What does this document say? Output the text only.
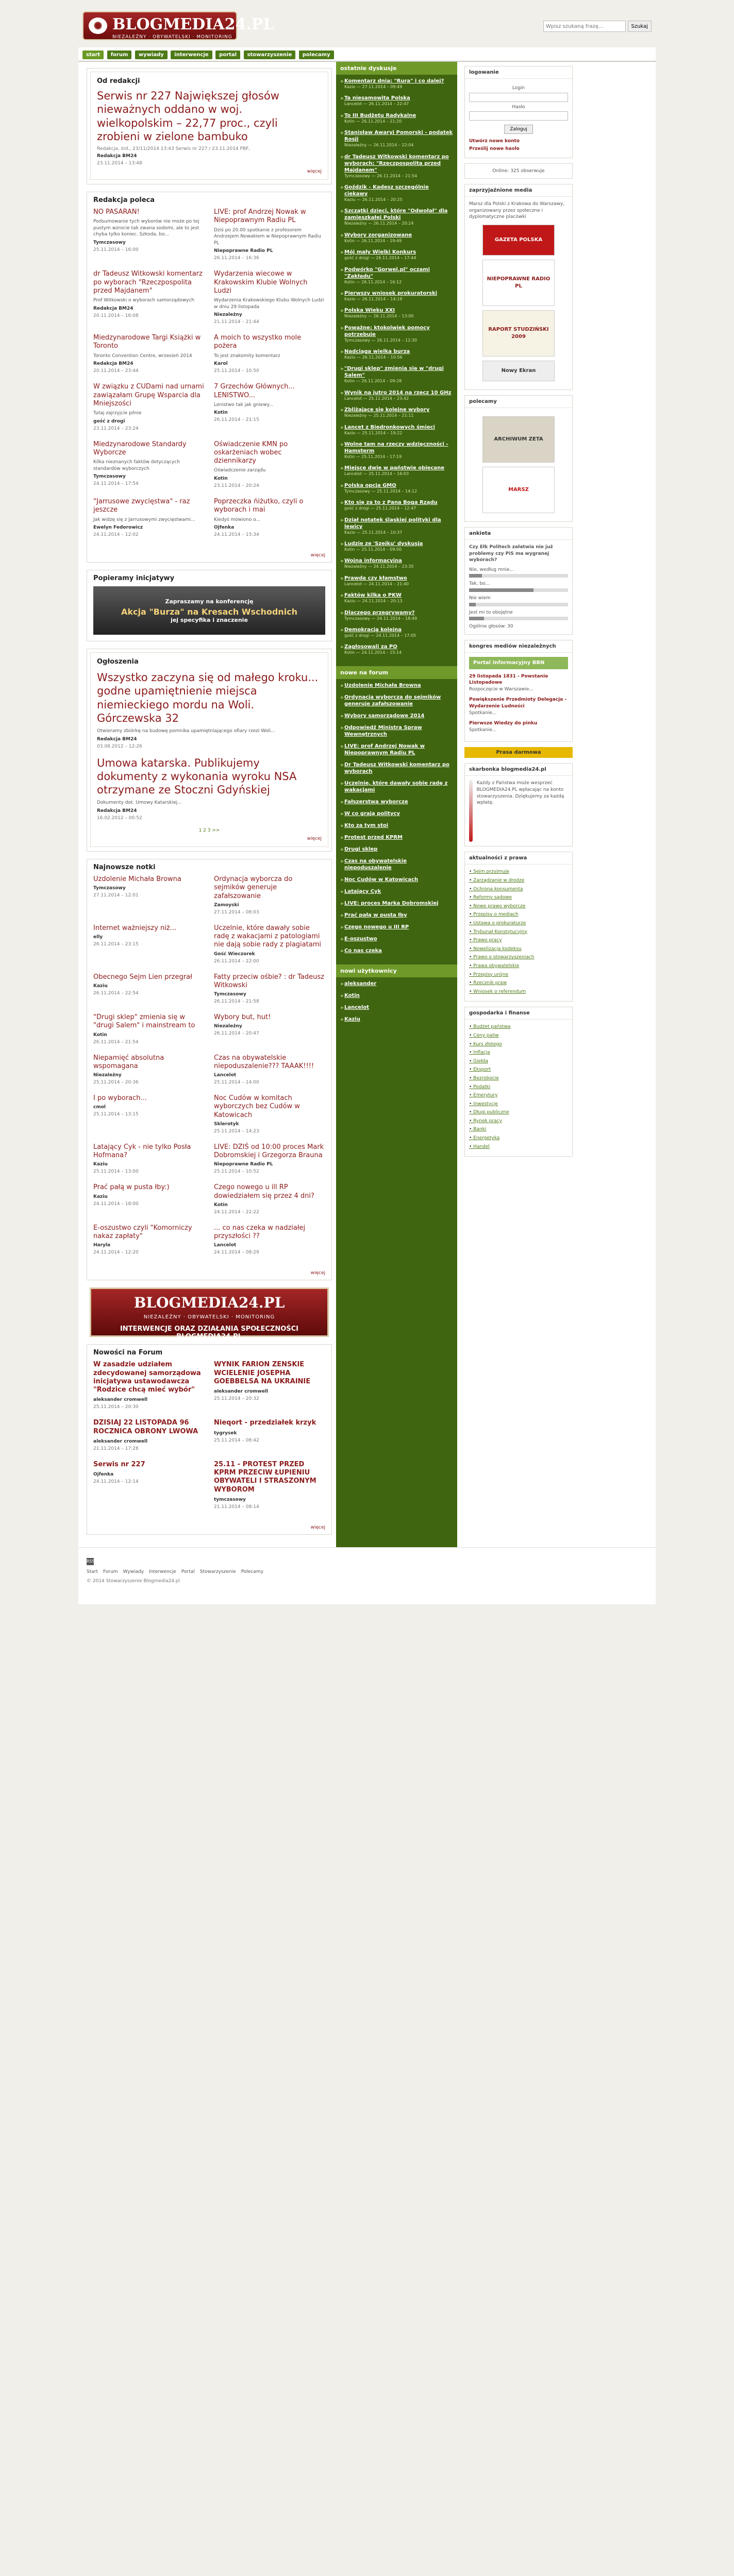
✺ BLOGMEDIA24.PL
NIEZALEŻNY · OBYWATELSKI · MONITORING
Wpisz szukaną frazę... Szukaj
start forum wywiady interwencje portal stowarzyszenie polecamy
Od redakcji
Serwis nr 227 Największej głosów nieważnych oddano w woj. wielkopolskim – 22,77 proc., czyli zrobieni w zielone bambuko
Redakcja, śrd., 23/11/2014 13:43 Serwis nr 227 / 23.11.2014 PBF,
Redakcja BM24
23.11.2014 – 13:48
więcej
Redakcja poleca
NO PASARAN!
Podsumowanie tych wyborów nie może po tej pustym wzrocie tak zwana sodomi, ale to jest chyba tylko koniec. Szkoda, bo...
Tymczasowy
25.11.2014 – 16:00
LIVE: prof Andrzej Nowak w Niepoprawnym Radiu PL
Dziś po 20.00 spotkanie z profesorem Andrzejem Nowakiem w Niepoprawnym Radiu PL
Niepoprawne Radio PL
26.11.2014 – 16:36
dr Tadeusz Witkowski komentarz po wyborach "Rzeczpospolita przed Majdanem"
Prof Witkowski o wyborach samorządowych
Redakcja BM24
20.11.2014 – 16:08
Wydarzenia wiecowe w Krakowskim Klubie Wolnych Ludzi
Wydarzenia Krakowskiego Klubu Wolnych Ludzi w dniu 29 listopada
Niezależny
21.11.2014 – 21:44
Miedzynarodowe Targi Książki w Toronto
Toronto Convention Centre, wrzesień 2014
Redakcja BM24
20.11.2014 – 23:44
A moich to wszystko mole pożera
To jest znakomity komentarz
Karol
25.11.2014 – 10:50
W związku z CUDami nad urnami zawiązałam Grupę Wsparcia dla Mniejszości
Tutaj zajrzyjcie pilnie
gość z drogi
23.11.2014 – 23:24
7 Grzechów Głównych... LENISTWO...
Lenistwo tak jak gniewy...
Kotin
26.11.2014 – 21:15
Miedzynarodowe Standardy Wyborcze
Kilka nieznanych faktów dotyczących standardów wyborczych
Tymczasowy
24.11.2014 – 17:54
Oświadczenie KMN po oskarżeniach wobec dziennikarzy
Oświadczenie zarządu
Kotin
23.11.2014 – 20:24
"Jarrusowe zwycięstwa" - raz jeszcze
Jak widzę się z Jarrusowymi zwycięstwami...
Ewelyn Fedorowicz
24.11.2014 – 12:02
Poprzeczka ńiżutko, czyli o wyborach i mai
Kiedyś mówiono o...
Ojfenka
24.11.2014 – 15:34
więcej
Popieramy inicjatywy
Zapraszamy na konferencję
Akcja "Burza" na Kresach Wschodnich
jej specyfika i znaczenie
Ogłoszenia
Wszystko zaczyna się od małego kroku... godne upamiętnienie miejsca niemieckiego mordu na Woli. Górczewska 32
Otwieramy zbiórkę na budowę pomnika upamiętniającego ofiary rzezi Woli...
Redakcja BM24
03.08.2012 – 12:26
Umowa katarska. Publikujemy dokumenty z wykonania wyroku NSA otrzymane ze Stoczni Gdyńskiej
Dokumenty dot. Umowy Katarskiej...
Redakcja BM24
16.02.2012 – 00:52
1 2 3 >>
więcej
Najnowsze notki
Uzdolenie Michała Browna
Tymczasowy
27.11.2014 – 12:01
Ordynacja wyborcza do sejmików generuje zafałszowanie
Zamoyski
27.11.2014 – 08:03
Internet ważniejszy niż...
elly
26.11.2014 – 23:15
Uczelnie, które dawały sobie radę z wakacjami z patologiami nie dają sobie rady z plagiatami
Gość Wieczorek
26.11.2014 – 22:00
Obecnego Sejm Lien przegrał
Kaziu
26.11.2014 – 22:54
Fatty przeciw ośbie? : dr Tadeusz Witkowski
Tymczasowy
26.11.2014 – 21:58
"Drugi sklep" zmienia się w "drugi Salem" i mainstream to
Kotin
26.11.2014 – 21:54
Wybory but, hut!
Niezależny
26.11.2014 – 20:47
Niepamięć absolutna wspomagana
Niezależny
25.11.2014 – 20:36
Czas na obywatelskie niepoduszalenie??? TAAAK!!!!
Lancelot
25.11.2014 – 14:00
I po wyborach...
cmol
25.11.2014 – 13:15
Noc Cudów w komitach wyborczych bez Cudów w Katowicach
Sklerotyk
25.11.2014 – 14:23
Latający Cyk - nie tylko Posła Hofmana?
Kaziu
25.11.2014 – 13:00
LIVE: DZIŚ od 10:00 proces Mark Dobromskiej i Grzegorza Brauna
Niepoprawne Radio PL
25.11.2014 – 10:52
Prać pałą w pusta łby:)
Kaziu
24.11.2014 – 18:00
Czego nowego u ill RP dowiedziałem się przez 4 dni?
Kotin
24.11.2014 – 22:22
E-oszustwo czyli "Komorniczy nakaz zapłaty"
Haryla
24.11.2014 – 12:20
... co nas czeka w nadziałej przyszłości ??
Lancelot
24.11.2014 – 08:29
więcej
BLOGMEDIA24.PL
NIEZALEŻNY · OBYWATELSKI · MONITORING
INTERWENCJE ORAZ DZIAŁANIA SPOŁECZNOŚCI BLOGMEDIA24.PL
Nowości na Forum
W zasadzie udziałem zdecydowanej samorządowa inicjatywa ustawodawcza "Rodzice chcą mieć wybór"
aleksander cromwell
25.11.2014 – 20:30
WYNIK FARION ZENSKIE WCIELENIE JOSEPHA GOEBBELSA NA UKRAINIE
aleksander cromwell
25.11.2014 – 20:32
DZISIAJ 22 LISTOPADA 96 ROCZNICA OBRONY LWOWA
aleksander cromwell
21.11.2014 – 17:28
Nieqort - przedziałek krzyk
tygrysek
25.11.2014 – 08:42
Serwis nr 227
Ojfenka
24.11.2014 – 12:14
25.11 - PROTEST PRZED KPRM PRZECIW ŁUPIENIU OBYWATELI I STRASZONYM WYBOROM
tymczasowy
21.11.2014 – 08:14
więcej
ostatnie dyskusje
» Komentarz dnia: "Rura" i co dalej?
Kazio — 27.11.2014 – 09:49
» Ta niesamowita Polska
Lancelot — 26.11.2014 – 22:47
» To III Budżetu Radykalne
Kotin — 26.11.2014 – 21:20
» Stanisław Awaryj Pomorski - podatek Rosji
Niezależny — 26.11.2014 – 22:04
» dr Tadeusz Witkowski komentarz po wyborach: "Rzeczpospolita przed Majdanem"
Tymczasowy — 26.11.2014 – 21:54
» Goździk - Kadesz szczególnie ciekawy
Kaziu — 26.11.2014 – 20:25
» Szczątki dzieci, które "Odwołał" dla zamieszkałej Polski
Niezależny — 26.11.2014 – 20:24
» Wybory zorganizowane
Kotin — 26.11.2014 – 19:49
» Mój mały Wielki Konkurs
gość z drogi — 26.11.2014 – 17:44
» Podwórko "Gorwel.pl" oczami "Zakładu"
Kotin — 26.11.2014 – 16:12
» Pierwszy wniosek prokuratorski
Kazio — 26.11.2014 – 14:19
» Polska Wieku XXI
Niezależny — 26.11.2014 – 13:00
» Poważne: ktokolwiek pomocy potrzebuje
Tymczasowy — 26.11.2014 – 12:30
» Nadciąga wielka burza
Kaziu — 26.11.2014 – 10:56
» "Drugi sklep" zmienia się w "drugi Salem"
Kotin — 26.11.2014 – 09:28
» Wynik na jutro 2014 na rzecz 10 GHz
Lancelot — 25.11.2014 – 23:42
» Zbliżające się kolejne wybory
Niezależny — 25.11.2014 – 21:11
» Lancet z Biedronkowych śmieci
Kazio — 25.11.2014 – 19:22
» Wolne tam na rzeczy wdzięczności - Hamsterm
Kotin — 25.11.2014 – 17:19
» Miejsce dwie w państwie obiecane
Lancelot — 25.11.2014 – 16:03
» Polska opcja GMO
Tymczasowy — 25.11.2014 – 14:12
» Kto się za to z Pana Boga Rządu
gość z drogi — 25.11.2014 – 12:47
» Dział notatek śląskiej polityki dla lewicy
Kazio — 25.11.2014 – 10:37
» Ludzie ze 'Szejku' dyskusja
Kotin — 25.11.2014 – 09:00
» Wojna informacyjna
Niezależny — 24.11.2014 – 23:35
» Prawda czy kłamstwo
Lancelot — 24.11.2014 – 21:40
» Faktów kilka o PKW
Kaziu — 24.11.2014 – 20:13
» Dlaczego przegrywamy?
Tymczasowy — 24.11.2014 – 18:49
» Demokracja kolejna
gość z drogi — 24.11.2014 – 17:05
» Zagłosowali za PO
Kotin — 24.11.2014 – 15:14
nowe na forum
» Uzdolenie Michała Browna
» Ordynacja wyborcza do sejmików generuje zafałszowanie
» Wybory samorządowe 2014
» Odpowiedź Ministra Spraw Wewnętrznych
» LIVE: prof Andrzej Nowak w Niepoprawnym Radiu PL
» Dr Tadeusz Witkowski komentarz po wyborach
» Uczelnie, które dawały sobie radę z wakacjami
» Fałszerstwa wyborcze
» W co grają politycy
» Kto za tym stoi
» Protest przed KPRM
» Drugi sklep
» Czas na obywatelskie niepoduszalenie
» Noc Cudów w Katowicach
» Latający Cyk
» LIVE: proces Marka Dobromskiej
» Prać pałą w pusta łby
» Czego nowego u III RP
» E-oszustwo
» Co nas czeka
nowi użytkownicy
» aleksander
» Kotin
» Lancelot
» Kaziu
logowanie
Login
Hasło
Zaloguj
Utwórz nowe konto
Prześlij nowe hasło
Online: 325 obserwuje
zaprzyjaźnione media
Marsz dla Polski z Krakowa do Warszawy, organizowany przez społeczne i dyplomatyczne placówki
GAZETA POLSKA
NIEPOPRAWNE RADIO PL
RAPORT STUDZIŃSKI 2009
Nowy Ekran
polecamy
ARCHIWUM ZETA
MARSZ
ankieta
Czy Ełk Politech załatwia nie już problemy czy PiS ma wygranej wyborach?
Nie, według mnie...
Tak, bo...
Nie wiem
Jest mi to obojętne
Ogólnie głosów: 30
kongres mediów niezależnych
Portal Informacyjny BBN
29 listopada 1831 - Powstanie Listopadowe
Rozpoczęcie w Warszawie...
Powiększenie Przedmioty Delegacja - Wydarzenie Ludności
Spotkanie...
Pierwsze Wiedzy do pinku
Spotkanie...
Prasa darmowa
skarbonka blogmedia24.pl
Każdy z Państwa może wesprzeć BLOGMEDIA24.PL wpłacając na konto stowarzyszenia. Dziękujemy za każdą wpłatę.
aktualności z prawa
• Sejm przyjmuje
• Zarządzanie w drodze
• Ochrona konsumenta
• Reformy sądowe
• Nowe prawo wyborcze
• Przepisy o mediach
• Ustawa o prokuraturze
• Trybunał Konstytucyjny
• Prawo pracy
• Nowelizacja kodeksu
• Prawo o stowarzyszeniach
• Prawa obywatelskie
• Przepisy unijne
• Rzecznik praw
• Wniosek o referendum
gospodarka i finanse
• Budżet państwa
• Ceny paliw
• Kurs złotego
• Inflacja
• Giełda
• Eksport
• Bezrobocie
• Podatki
• Emerytury
• Inwestycje
• Długi publiczne
• Rynek pracy
• Banki
• Energetyka
• Handel
RSS
Start Forum Wywiady Interwencje Portal Stowarzyszenie Polecamy
© 2014 Stowarzyszenie Blogmedia24.pl
